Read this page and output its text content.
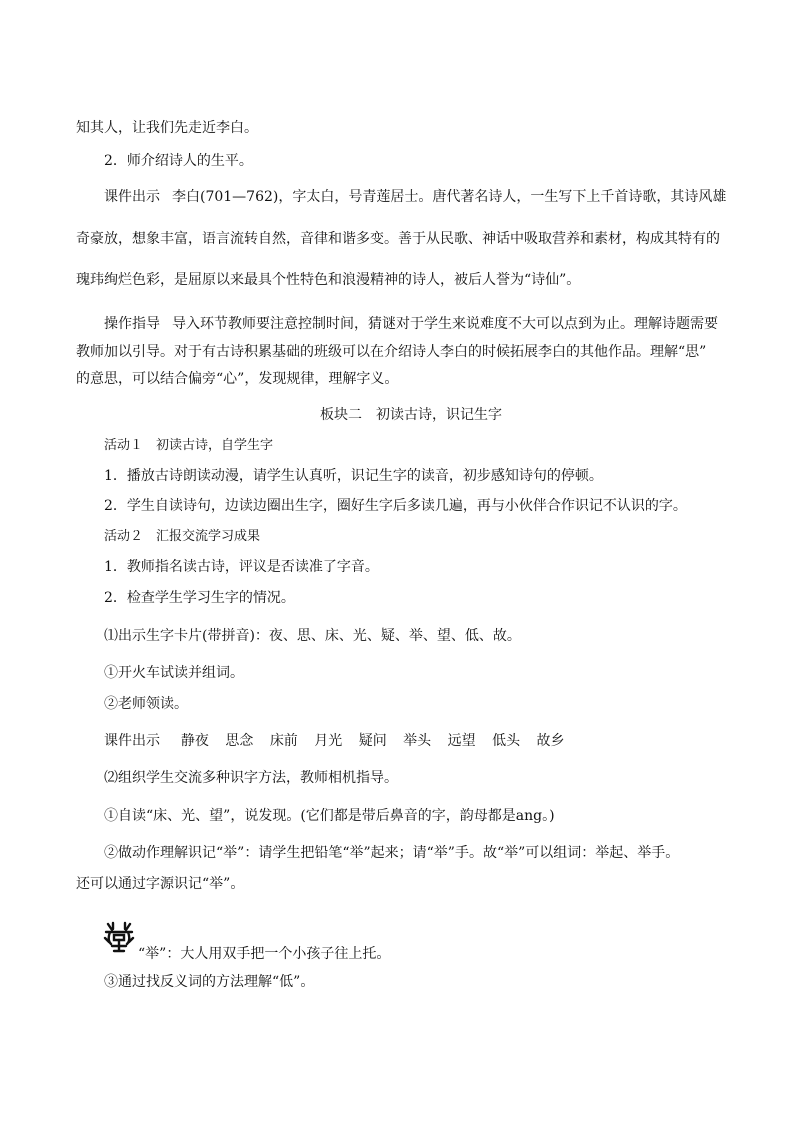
知其人，让我们先走近李白。
2．师介绍诗人的生平。
课件出示 李白(701—762)，字太白，号青莲居士。唐代著名诗人，一生写下上千首诗歌，其诗风雄
奇豪放，想象丰富，语言流转自然，音律和谐多变。善于从民歌、神话中吸取营养和素材，构成其特有的
瑰玮绚烂色彩，是屈原以来最具个性特色和浪漫精神的诗人，被后人誉为“诗仙”。
操作指导 导入环节教师要注意控制时间，猜谜对于学生来说难度不大可以点到为止。理解诗题需要
教师加以引导。对于有古诗积累基础的班级可以在介绍诗人李白的时候拓展李白的其他作品。理解“思”
的意思，可以结合偏旁“心”，发现规律，理解字义。
板块二　初读古诗，识记生字
活动１　初读古诗，自学生字
1．播放古诗朗读动漫，请学生认真听，识记生字的读音，初步感知诗句的停顿。
2．学生自读诗句，边读边圈出生字，圈好生字后多读几遍，再与小伙伴合作识记不认识的字。
活动２　汇报交流学习成果
1．教师指名读古诗，评议是否读准了字音。
2．检查学生学习生字的情况。
⑴出示生字卡片(带拼音)：夜、思、床、光、疑、举、望、低、故。
①开火车试读并组词。
②老师领读。
课件出示 静夜 思念 床前 月光 疑问 举头 远望 低头 故乡
⑵组织学生交流多种识字方法，教师相机指导。
①自读“床、光、望”，说发现。(它们都是带后鼻音的字，韵母都是ang。)
②做动作理解识记“举”：请学生把铅笔“举”起来；请“举”手。故“举”可以组词：举起、举手。
还可以通过字源识记“举”。
“举”：大人用双手把一个小孩子往上托。
③通过找反义词的方法理解“低”。
